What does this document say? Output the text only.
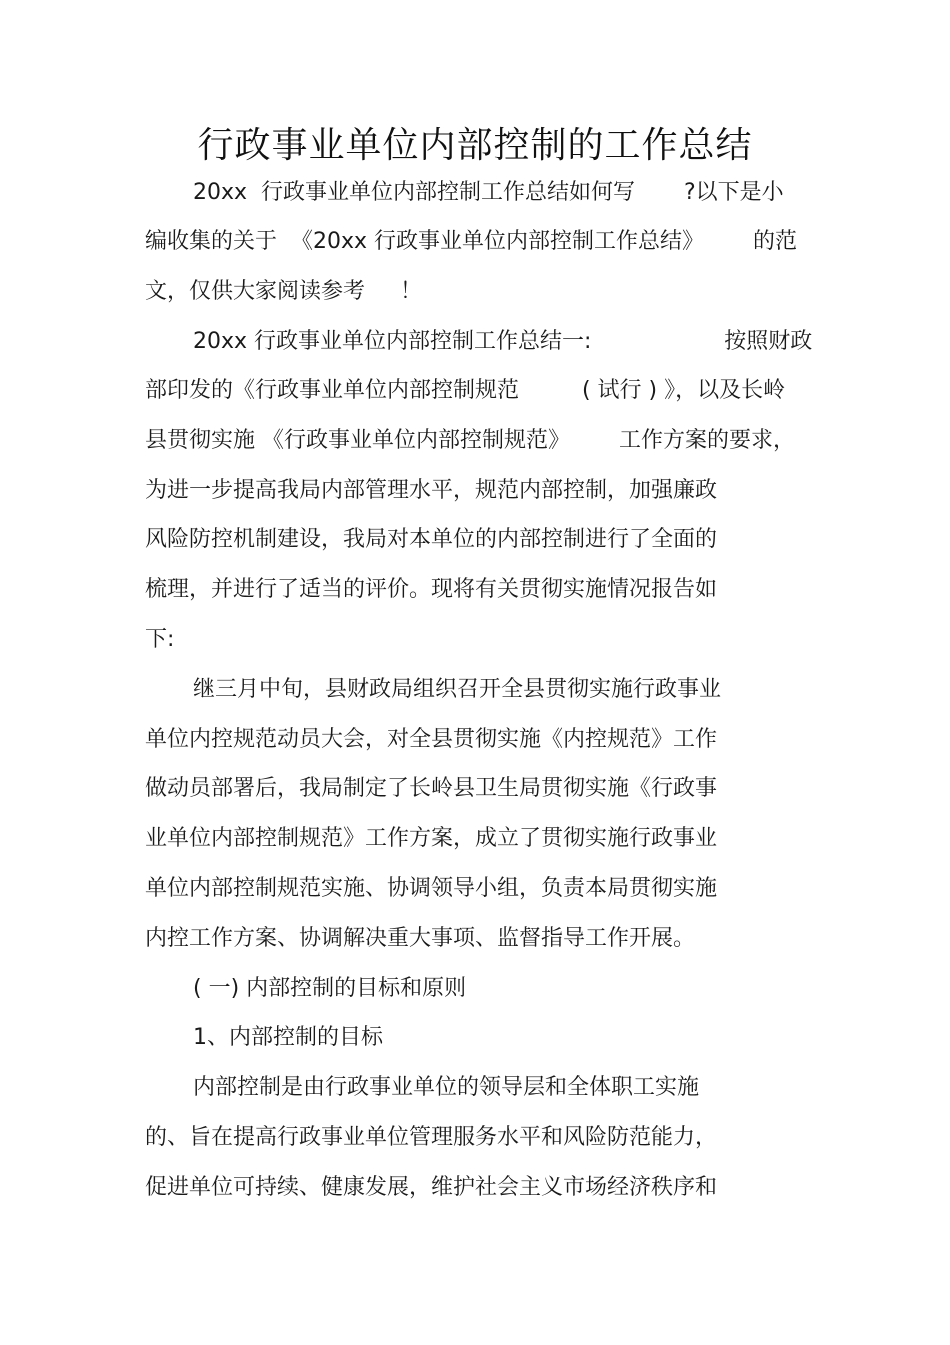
行政事业单位内部控制的工作总结
20xx  行政事业单位内部控制工作总结如何写       ?以下是小
编收集的关于  《20xx 行政事业单位内部控制工作总结》       的范
文，仅供大家阅读参考     ！
20xx 行政事业单位内部控制工作总结一:                   按照财政
部印发的《行政事业单位内部控制规范         ( 试行 ) 》，以及长岭
县贯彻实施 《行政事业单位内部控制规范》       工作方案的要求，
为进一步提高我局内部管理水平，规范内部控制，加强廉政
风险防控机制建设，我局对本单位的内部控制进行了全面的
梳理，并进行了适当的评价。现将有关贯彻实施情况报告如
下:
继三月中旬，县财政局组织召开全县贯彻实施行政事业
单位内控规范动员大会，对全县贯彻实施《内控规范》工作
做动员部署后，我局制定了长岭县卫生局贯彻实施《行政事
业单位内部控制规范》工作方案，成立了贯彻实施行政事业
单位内部控制规范实施、协调领导小组，负责本局贯彻实施
内控工作方案、协调解决重大事项、监督指导工作开展。
( 一) 内部控制的目标和原则
1、内部控制的目标
内部控制是由行政事业单位的领导层和全体职工实施
的、旨在提高行政事业单位管理服务水平和风险防范能力，
促进单位可持续、健康发展，维护社会主义市场经济秩序和
